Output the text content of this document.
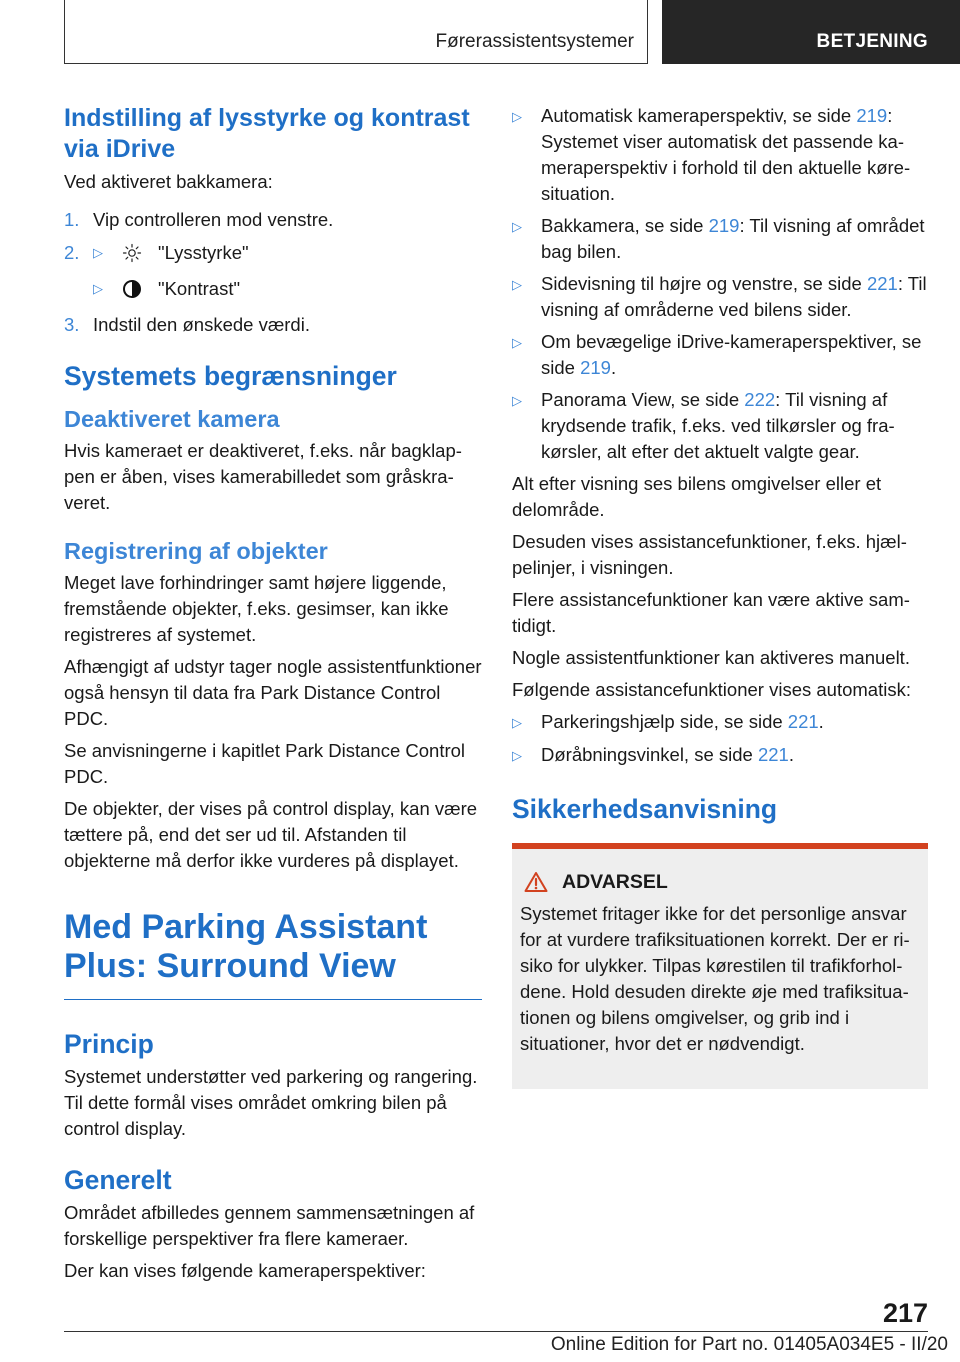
Førerassistentsystemer	BETJENING
Indstilling af lysstyrke og kontrast via iDrive

Ved aktiveret bakkamera:

1. Vip controlleren mod venstre.
2.	▷	"Lysstyrke"
▷	"Kontrast"
3. Indstil den ønskede værdi.
Systemets begrænsninger
Deaktiveret kamera

Hvis kameraet er deaktiveret, f.eks. når bagklappen er åben, vises kamerabilledet som gråskraveret.

Registrering af objekter

Meget lave forhindringer samt højere liggende, fremstående objekter, f.eks. gesimser, kan ikke registreres af systemet.

Afhængigt af udstyr tager nogle assistentfunktioner også hensyn til data fra Park Distance Control PDC.

Se anvisningerne i kapitlet Park Distance Control PDC.

De objekter, der vises på control display, kan være tættere på, end det ser ud til. Afstanden til objekterne må derfor ikke vurderes på displayet.

Med Parking Assistant Plus: Surround View
Princip

Systemet understøtter ved parkering og rangering. Til dette formål vises området omkring bilen på control display.

Generelt

Området afbilledes gennem sammensætningen af forskellige perspektiver fra flere kameraer.

Der kan vises følgende kameraperspektiver:

▷	Automatisk kameraperspektiv, se side 219: Systemet viser automatisk det passende kameraperspektiv i forhold til den aktuelle køresituation.
▷	Bakkamera, se side 219: Til visning af området bag bilen.
▷	Sidevisning til højre og venstre, se side 221: Til visning af områderne ved bilens sider.
▷	Om bevægelige iDrive-kameraperspektiver, se side 219.
▷	Panorama View, se side 222: Til visning af krydsende trafik, f.eks. ved tilkørsler og frakørsler, alt efter det aktuelt valgte gear.

Alt efter visning ses bilens omgivelser eller et delområde.

Desuden vises assistancefunktioner, f.eks. hjælpelinjer, i visningen.

Flere assistancefunktioner kan være aktive samtidigt.

Nogle assistentfunktioner kan aktiveres manuelt.

Følgende assistancefunktioner vises automatisk:

▷	Parkeringshjælp side, se side 221.
▷	Døråbningsvinkel, se side 221.
Sikkerhedsanvisning
ADVARSEL

Systemet fritager ikke for det personlige ansvar for at vurdere trafiksituationen korrekt. Der er risiko for ulykker. Tilpas kørestilen til trafikforholdene. Hold desuden direkte øje med trafiksituationen og bilens omgivelser, og grib ind i situationer, hvor det er nødvendigt.

217
Online Edition for Part no. 01405A034E5 - II/20
